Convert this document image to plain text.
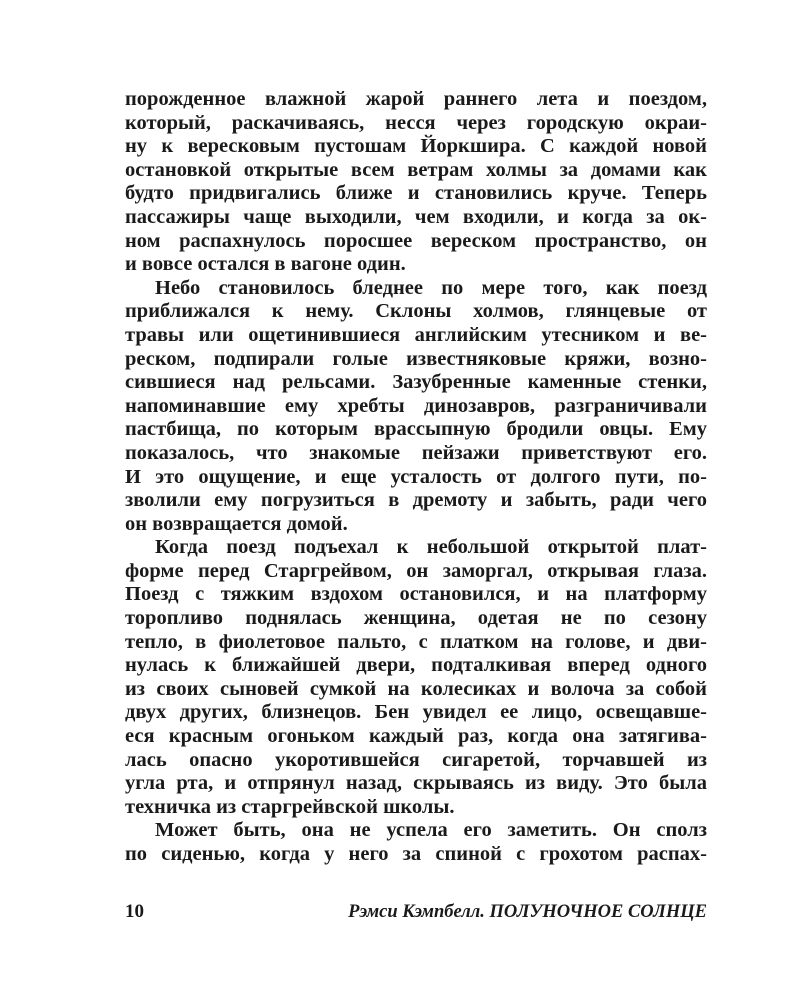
порожденное влажной жарой раннего лета и поездом,
который, раскачиваясь, несся через городскую окраи-
ну к вересковым пустошам Йоркшира. С каждой новой
остановкой открытые всем ветрам холмы за домами как
будто придвигались ближе и становились круче. Теперь
пассажиры чаще выходили, чем входили, и когда за ок-
ном распахнулось поросшее вереском пространство, он
и вовсе остался в вагоне один.
Небо становилось бледнее по мере того, как поезд
приближался к нему. Склоны холмов, глянцевые от
травы или ощетинившиеся английским утесником и ве-
реском, подпирали голые известняковые кряжи, возно-
сившиеся над рельсами. Зазубренные каменные стенки,
напоминавшие ему хребты динозавров, разграничивали
пастбища, по которым врассыпную бродили овцы. Ему
показалось, что знакомые пейзажи приветствуют его.
И это ощущение, и еще усталость от долгого пути, по-
зволили ему погрузиться в дремоту и забыть, ради чего
он возвращается домой.
Когда поезд подъехал к небольшой открытой плат-
форме перед Старгрейвом, он заморгал, открывая глаза.
Поезд с тяжким вздохом остановился, и на платформу
торопливо поднялась женщина, одетая не по сезону
тепло, в фиолетовое пальто, с платком на голове, и дви-
нулась к ближайшей двери, подталкивая вперед одного
из своих сыновей сумкой на колесиках и волоча за собой
двух других, близнецов. Бен увидел ее лицо, освещавше-
еся красным огоньком каждый раз, когда она затягива-
лась опасно укоротившейся сигаретой, торчавшей из
угла рта, и отпрянул назад, скрываясь из виду. Это была
техничка из старгрейвской школы.
Может быть, она не успела его заметить. Он сполз
по сиденью, когда у него за спиной с грохотом распах-
10	Рэмси Кэмпбелл. ПОЛУНОЧНОЕ СОЛНЦЕ
